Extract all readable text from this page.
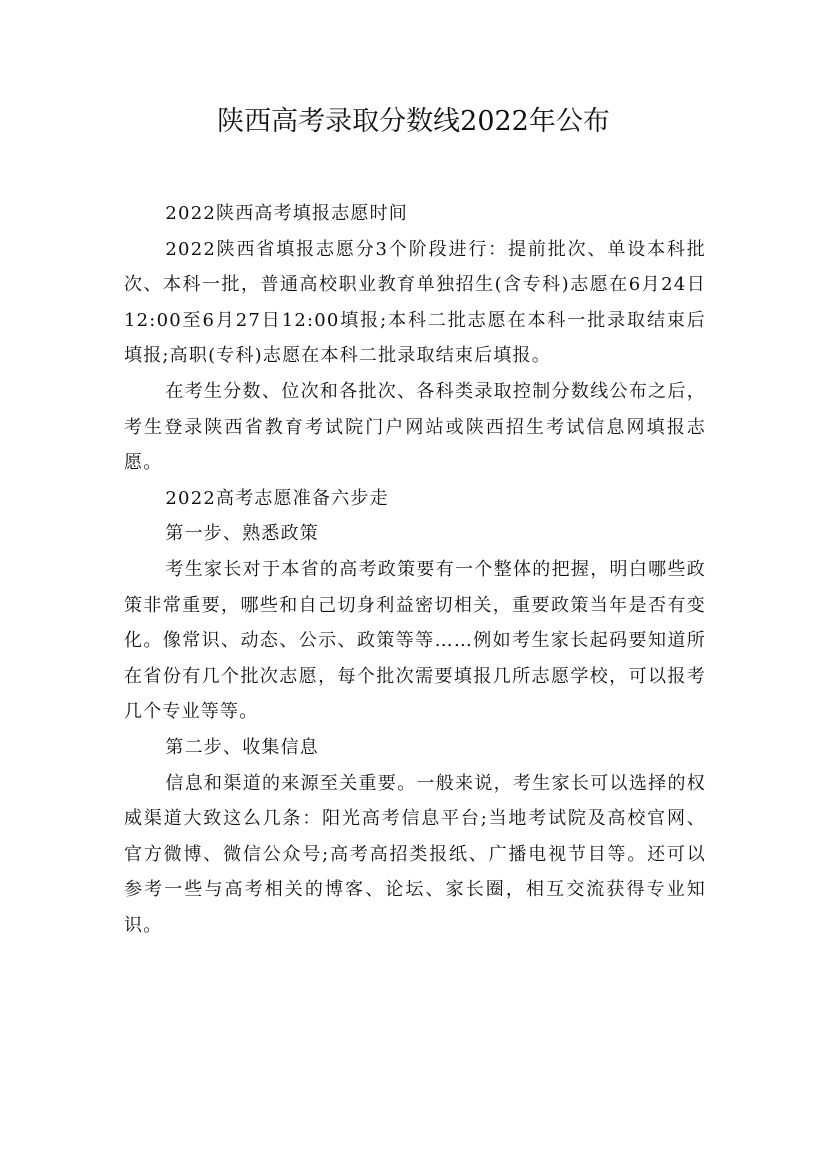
陕西高考录取分数线2022年公布

2022陕西高考填报志愿时间

2022陕西省填报志愿分3个阶段进行：提前批次、单设本科批次、本科一批，普通高校职业教育单独招生(含专科)志愿在6月24日12:00至6月27日12:00填报;本科二批志愿在本科一批录取结束后填报;高职(专科)志愿在本科二批录取结束后填报。

在考生分数、位次和各批次、各科类录取控制分数线公布之后，考生登录陕西省教育考试院门户网站或陕西招生考试信息网填报志愿。

2022高考志愿准备六步走

第一步、熟悉政策

考生家长对于本省的高考政策要有一个整体的把握，明白哪些政策非常重要，哪些和自己切身利益密切相关，重要政策当年是否有变化。像常识、动态、公示、政策等等……例如考生家长起码要知道所在省份有几个批次志愿，每个批次需要填报几所志愿学校，可以报考几个专业等等。

第二步、收集信息

信息和渠道的来源至关重要。一般来说，考生家长可以选择的权威渠道大致这么几条：阳光高考信息平台;当地考试院及高校官网、官方微博、微信公众号;高考高招类报纸、广播电视节目等。还可以参考一些与高考相关的博客、论坛、家长圈，相互交流获得专业知识。
